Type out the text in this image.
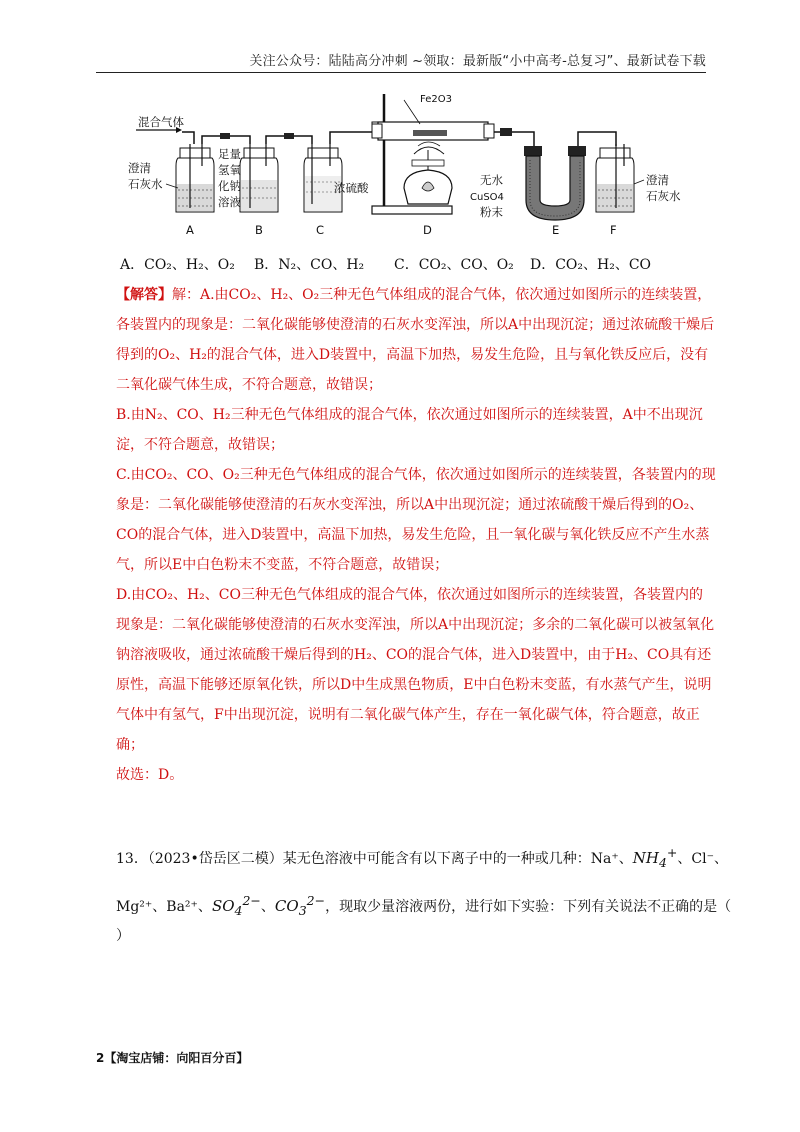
关注公众号：陆陆高分冲刺 ~领取：最新版“小中高考-总复习”、最新试卷下载
混合气体
澄清
石灰水
A
足量
氢氧
化钠
溶液
B
浓硫酸
C
Fe2O3
D
无水
CuSO4
粉末
E
澄清
石灰水
F
A．CO₂、H₂、O₂ B．N₂、CO、H₂ C．CO₂、CO、O₂ D．CO₂、H₂、CO

【解答】解：A.由CO₂、H₂、O₂三种无色气体组成的混合气体，依次通过如图所示的连续装置，各装置内的现象是：二氧化碳能够使澄清的石灰水变浑浊，所以A中出现沉淀；通过浓硫酸干燥后得到的O₂、H₂的混合气体，进入D装置中，高温下加热，易发生危险，且与氧化铁反应后，没有二氧化碳气体生成，不符合题意，故错误；

B.由N₂、CO、H₂三种无色气体组成的混合气体，依次通过如图所示的连续装置，A中不出现沉淀，不符合题意，故错误；

C.由CO₂、CO、O₂三种无色气体组成的混合气体，依次通过如图所示的连续装置，各装置内的现象是：二氧化碳能够使澄清的石灰水变浑浊，所以A中出现沉淀；通过浓硫酸干燥后得到的O₂、CO的混合气体，进入D装置中，高温下加热，易发生危险，且一氧化碳与氧化铁反应不产生水蒸气，所以E中白色粉末不变蓝，不符合题意，故错误；

D.由CO₂、H₂、CO三种无色气体组成的混合气体，依次通过如图所示的连续装置，各装置内的现象是：二氧化碳能够使澄清的石灰水变浑浊，所以A中出现沉淀；多余的二氧化碳可以被氢氧化钠溶液吸收，通过浓硫酸干燥后得到的H₂、CO的混合气体，进入D装置中，由于H₂、CO具有还原性，高温下能够还原氧化铁，所以D中生成黑色物质，E中白色粉末变蓝，有水蒸气产生，说明气体中有氢气，F中出现沉淀，说明有二氧化碳气体产生，存在一氧化碳气体，符合题意，故正确；

故选：D。

13．（2023•岱岳区二模）某无色溶液中可能含有以下离子中的一种或几种：Na⁺、$NH_4^+$、Cl⁻、
Mg²⁺、Ba²⁺、$SO_4^{2-}$、$CO_3^{2-}$，现取少量溶液两份，进行如下实验：下列有关说法不正确的是（
）
2【淘宝店铺：向阳百分百】
